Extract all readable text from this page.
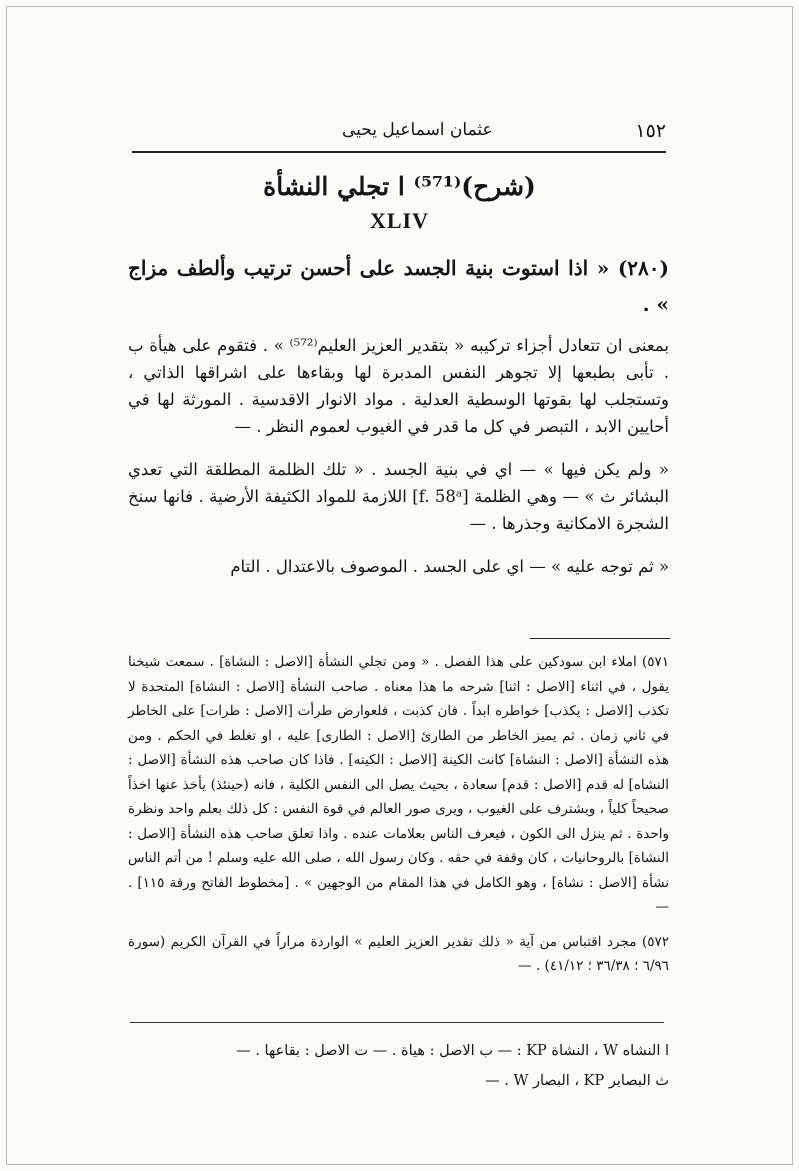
١٥٢
عثمان اسماعيل يحيى
(شرح)⁽⁵⁷¹⁾ ا تجلي النشأة
XLIV

(٢٨٠) « اذا استوت بنية الجسد على أحسن ترتيب وألطف مزاج » .

بمعنى ان تتعادل أجزاء تركيبه « بتقدير العزيز العليم⁽⁵⁷²⁾ » . فتقوم على هيأة ب . تأبى بطبعها إلا تجوهر النفس المدبرة لها وبقاءها على اشراقها الذاتي ، وتستجلب لها بقوتها الوسطية العدلية . مواد الانوار الاقدسية . المورثة لها في أحايين الابد ، التبصر في كل ما قدر في الغيوب لعموم النظر . —

« ولم يكن فيها » — اي في بنية الجسد . « تلك الظلمة المطلقة التي تعدي البشائر ث » — وهي الظلمة [f. 58ᵃ] اللازمة للمواد الكثيفة الأرضية . فانها سنخ الشجرة الامكانية وجذرها . —

« ثم توجه عليه » — اي على الجسد . الموصوف بالاعتدال . التام

٥٧١) املاء ابن سودكين على هذا الفصل . « ومن تجلي النشأة [الاصل : النشاة] . سمعت شيخنا يقول ، في اثناء [الاصل : اثنا] شرحه ما هذا معناه . صاحب النشأة [الاصل : النشاة] المتحدة لا تكذب [الاصل : يكذب] خواطره ابداً . فان كذبت ، فلعوارض طرأت [الاصل : طرات] على الخاطر في ثاني زمان . ثم يميز الخاطر من الطارئ [الاصل : الطارى] عليه ، او تغلط في الحكم . ومن هذه النشأة [الاصل : النشاة] كانت الكينة [الاصل : الكيته] . فاذا كان صاحب هذه النشأة [الاصل : النشاه] له قدم [الاصل : قدم] سعادة ، بحيث يصل الى النفس الكلية ، فانه (حينئذ) يأخذ عنها اخذاً صحيحاً كلياً ، ويشترف على الغيوب ، ويرى صور العالم في قوة النفس : كل ذلك بعلم واحد ونظرة واحدة . ثم ينزل الى الكون ، فيعرف الناس بعلامات عنده . واذا تعلق صاحب هذه النشأة [الاصل : النشاة] بالروحانيات ، كان وقفة في حقه . وكان رسول الله ، صلى الله عليه وسلم ! من أتم الناس نشأة [الاصل : نشاة] ، وهو الكامل في هذا المقام من الوجهين » . [مخطوط الفاتح ورقة ١١٥] . —

٥٧٢) مجرد اقتباس من آية « ذلك تقدير العزيز العليم » الواردة مراراً في القرآن الكريم (سورة ٦/٩٦ ؛ ٣٦/٣٨ ؛ ٤١/١٢) . —

ا النشاه W ، النشاة KP : — ب الاصل : هياة . — ت الاصل : بقاعها . —

ث البصاير KP ، البصار W . —
